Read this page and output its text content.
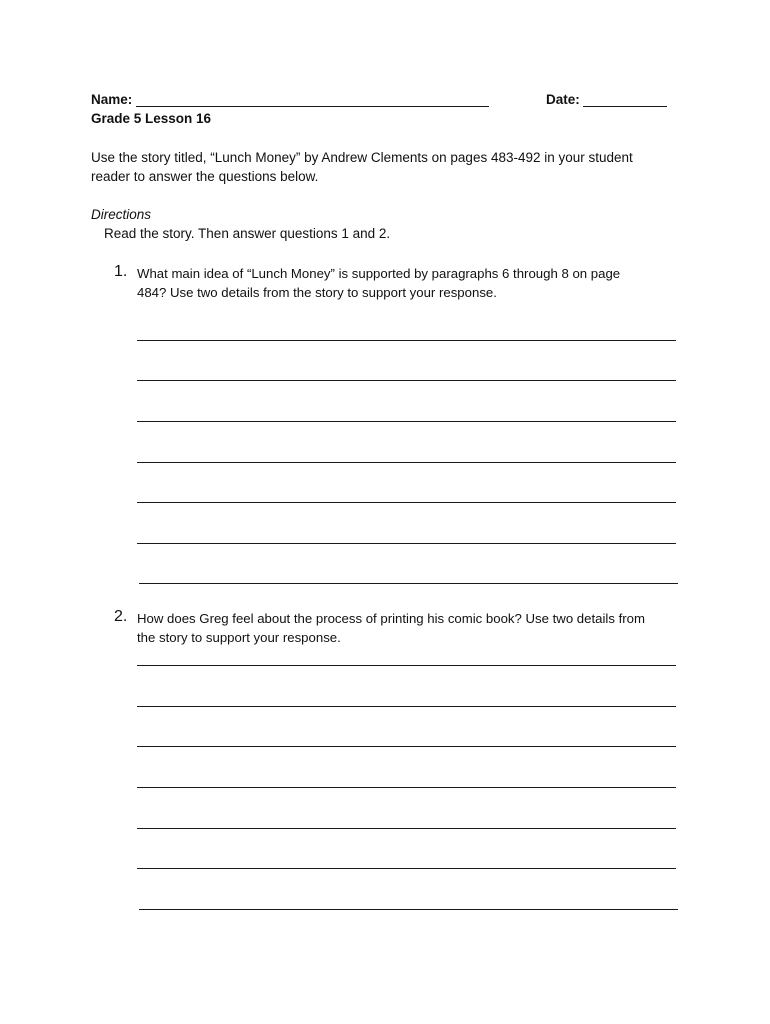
Name:	Date:
Grade 5 Lesson 16
Use the story titled, “Lunch Money” by Andrew Clements on pages 483-492 in your student
reader to answer the questions below.
Directions
Read the story. Then answer questions 1 and 2.
1. What main idea of “Lunch Money” is supported by paragraphs 6 through 8 on page
484? Use two details from the story to support your response.
2. How does Greg feel about the process of printing his comic book? Use two details from
the story to support your response.
